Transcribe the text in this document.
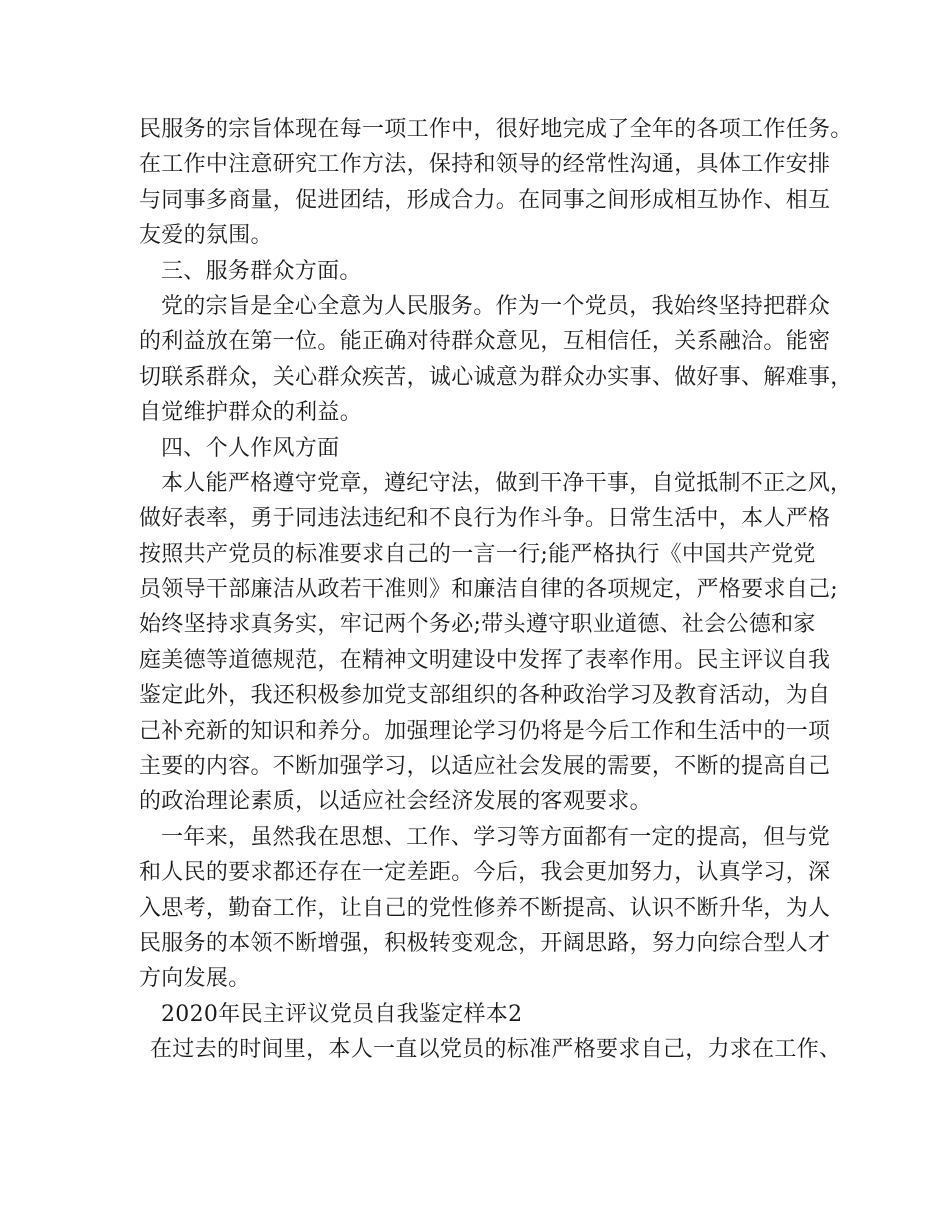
民服务的宗旨体现在每一项工作中，很好地完成了全年的各项工作任务。
在工作中注意研究工作方法，保持和领导的经常性沟通，具体工作安排
与同事多商量，促进团结，形成合力。在同事之间形成相互协作、相互
友爱的氛围。
三、服务群众方面。
党的宗旨是全心全意为人民服务。作为一个党员，我始终坚持把群众
的利益放在第一位。能正确对待群众意见，互相信任，关系融洽。能密
切联系群众，关心群众疾苦，诚心诚意为群众办实事、做好事、解难事，
自觉维护群众的利益。
四、个人作风方面
本人能严格遵守党章，遵纪守法，做到干净干事，自觉抵制不正之风，
做好表率，勇于同违法违纪和不良行为作斗争。日常生活中，本人严格
按照共产党员的标准要求自己的一言一行;能严格执行《中国共产党党
员领导干部廉洁从政若干准则》和廉洁自律的各项规定，严格要求自己;
始终坚持求真务实，牢记两个务必;带头遵守职业道德、社会公德和家
庭美德等道德规范，在精神文明建设中发挥了表率作用。民主评议自我
鉴定此外，我还积极参加党支部组织的各种政治学习及教育活动，为自
己补充新的知识和养分。加强理论学习仍将是今后工作和生活中的一项
主要的内容。不断加强学习，以适应社会发展的需要，不断的提高自己
的政治理论素质，以适应社会经济发展的客观要求。
一年来，虽然我在思想、工作、学习等方面都有一定的提高，但与党
和人民的要求都还存在一定差距。今后，我会更加努力，认真学习，深
入思考，勤奋工作，让自己的党性修养不断提高、认识不断升华，为人
民服务的本领不断增强，积极转变观念，开阔思路，努力向综合型人才
方向发展。
2020年民主评议党员自我鉴定样本2
在过去的时间里，本人一直以党员的标准严格要求自己，力求在工作、
